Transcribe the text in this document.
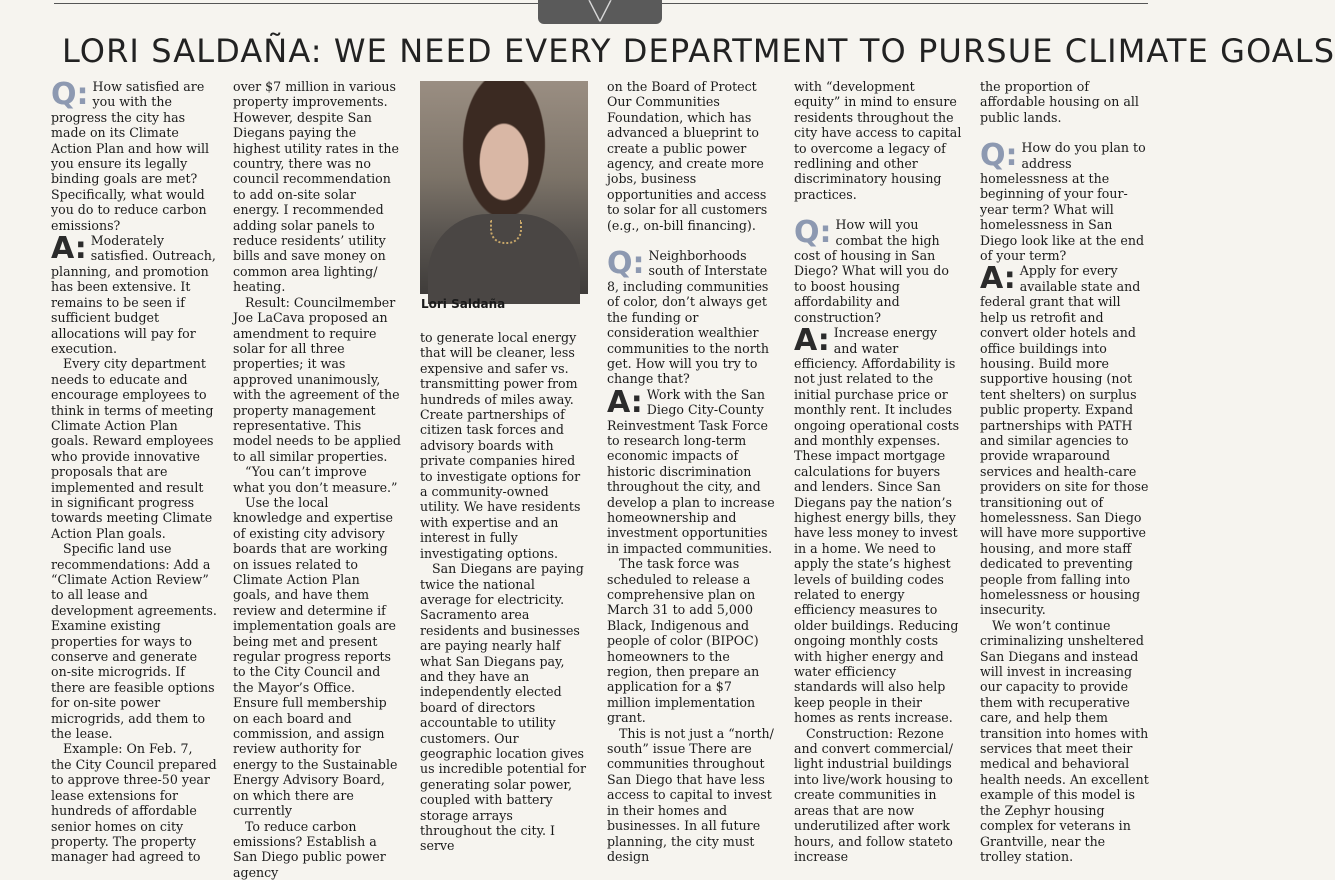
╲╱
LORI SALDAÑA: WE NEED EVERY DEPARTMENT TO PURSUE CLIMATE GOALS

Q: How satisfied are you with the progress the city has made on its Climate Action Plan and how will you ensure its legally binding goals are met? Specifically, what would you do to reduce carbon emissions?

A: Moderately satisfied. Outreach, planning, and promotion has been extensive. It remains to be seen if sufficient budget allocations will pay for execution.

Every city department needs to educate and encourage employees to think in terms of meeting Climate Action Plan goals. Reward employees who provide innovative proposals that are implemented and result in significant progress towards meeting Climate Action Plan goals.

Specific land use recommendations: Add a “Climate Action Review” to all lease and development agreements. Examine existing properties for ways to conserve and generate on-site microgrids. If there are feasible options for on-site power microgrids, add them to the lease.

Example: On Feb. 7, the City Council prepared to approve three-50 year lease extensions for hundreds of affordable senior homes on city property. The property manager had agreed to

over $7 million in various property improvements. However, despite San Diegans paying the highest utility rates in the country, there was no council recommendation to add on-site solar energy. I recommended adding solar panels to reduce residents’ utility bills and save money on common area lighting/ heating.

Result: Councilmember Joe LaCava proposed an amendment to require solar for all three properties; it was approved unanimously, with the agreement of the property management representative. This model needs to be applied to all similar properties.

“You can’t improve what you don’t measure.”

Use the local knowledge and expertise of existing city advisory boards that are working on issues related to Climate Action Plan goals, and have them review and determine if implementation goals are being met and present regular progress reports to the City Council and the Mayor’s Office. Ensure full membership on each board and commission, and assign review authority for energy to the Sustainable Energy Advisory Board, on which there are currently

To reduce carbon emissions? Establish a San Diego public power agency

Lori Saldaña

to generate local energy that will be cleaner, less expensive and safer vs. transmitting power from hundreds of miles away. Create partnerships of citizen task forces and advisory boards with private companies hired to investigate options for a community-owned utility. We have residents with expertise and an interest in fully investigating options.

San Diegans are paying twice the national average for electricity. Sacramento area residents and businesses are paying nearly half what San Diegans pay, and they have an independently elected board of directors accountable to utility customers. Our geographic location gives us incredible potential for generating solar power, coupled with battery storage arrays throughout the city. I serve

on the Board of Protect Our Communities Foundation, which has advanced a blueprint to create a public power agency, and create more jobs, business opportunities and access to solar for all customers (e.g., on-bill financing).

Q: Neighborhoods south of Interstate 8, including communities of color, don’t always get the funding or consideration wealthier communities to the north get. How will you try to change that?

A: Work with the San Diego City-County Reinvestment Task Force to research long-term economic impacts of historic discrimination throughout the city, and develop a plan to increase homeownership and investment opportunities in impacted communities.

The task force was scheduled to release a comprehensive plan on March 31 to add 5,000 Black, Indigenous and people of color (BIPOC) homeowners to the region, then prepare an application for a $7 million implementation grant.

This is not just a “north/ south” issue There are communities throughout San Diego that have less access to capital to invest in their homes and businesses. In all future planning, the city must design

with “development equity” in mind to ensure residents throughout the city have access to capital to overcome a legacy of redlining and other discriminatory housing practices.

Q: How will you combat the high cost of housing in San Diego? What will you do to boost housing affordability and construction?

A: Increase energy and water efficiency. Affordability is not just related to the initial purchase price or monthly rent. It includes ongoing operational costs and monthly expenses. These impact mortgage calculations for buyers and lenders. Since San Diegans pay the nation’s highest energy bills, they have less money to invest in a home. We need to apply the state’s highest levels of building codes related to energy efficiency measures to older buildings. Reducing ongoing monthly costs with higher energy and water efficiency standards will also help keep people in their homes as rents increase.

Construction: Rezone and convert commercial/ light industrial buildings into live/work housing to create communities in areas that are now underutilized after work hours, and follow stateto increase

the proportion of affordable housing on all public lands.

Q: How do you plan to address homelessness at the beginning of your four-year term? What will homelessness in San Diego look like at the end of your term?

A: Apply for every available state and federal grant that will help us retrofit and convert older hotels and office buildings into housing. Build more supportive housing (not tent shelters) on surplus public property. Expand partnerships with PATH and similar agencies to provide wraparound services and health-care providers on site for those transitioning out of homelessness. San Diego will have more supportive housing, and more staff dedicated to preventing people from falling into homelessness or housing insecurity.

We won’t continue criminalizing unsheltered San Diegans and instead will invest in increasing our capacity to provide them with recuperative care, and help them transition into homes with services that meet their medical and behavioral health needs. An excellent example of this model is the Zephyr housing complex for veterans in Grantville, near the trolley station.
